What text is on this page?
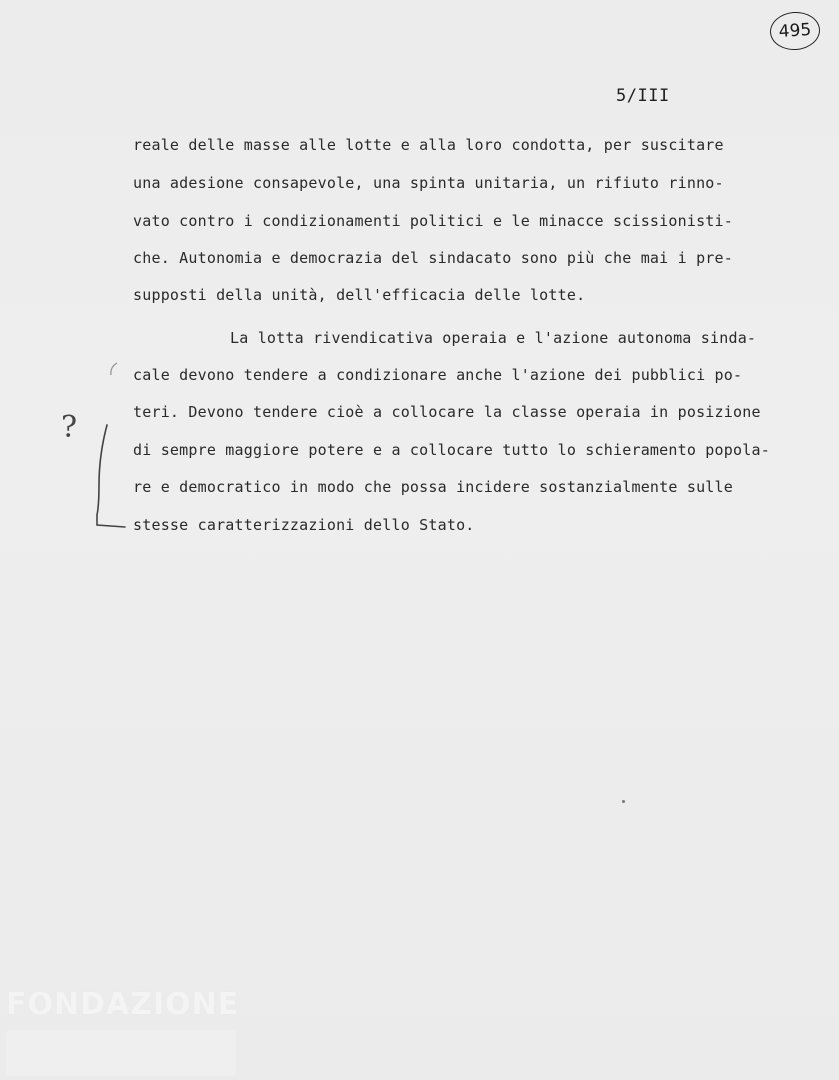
495
5/III
reale delle masse alle lotte e alla loro condotta, per suscitare
una adesione consapevole, una spinta unitaria, un rifiuto rinno-
vato contro i condizionamenti politici e le minacce scissionisti-
che. Autonomia e democrazia del sindacato sono più che mai i pre-
supposti della unità, dell'efficacia delle lotte.
La lotta rivendicativa operaia e l'azione autonoma sinda-
cale devono tendere a condizionare anche l'azione dei pubblici po-
teri. Devono tendere cioè a collocare la classe operaia in posizione
di sempre maggiore potere e a collocare tutto lo schieramento popola-
re e democratico in modo che possa incidere sostanzialmente sulle
stesse caratterizzazioni dello Stato.
?
FONDAZIONE
